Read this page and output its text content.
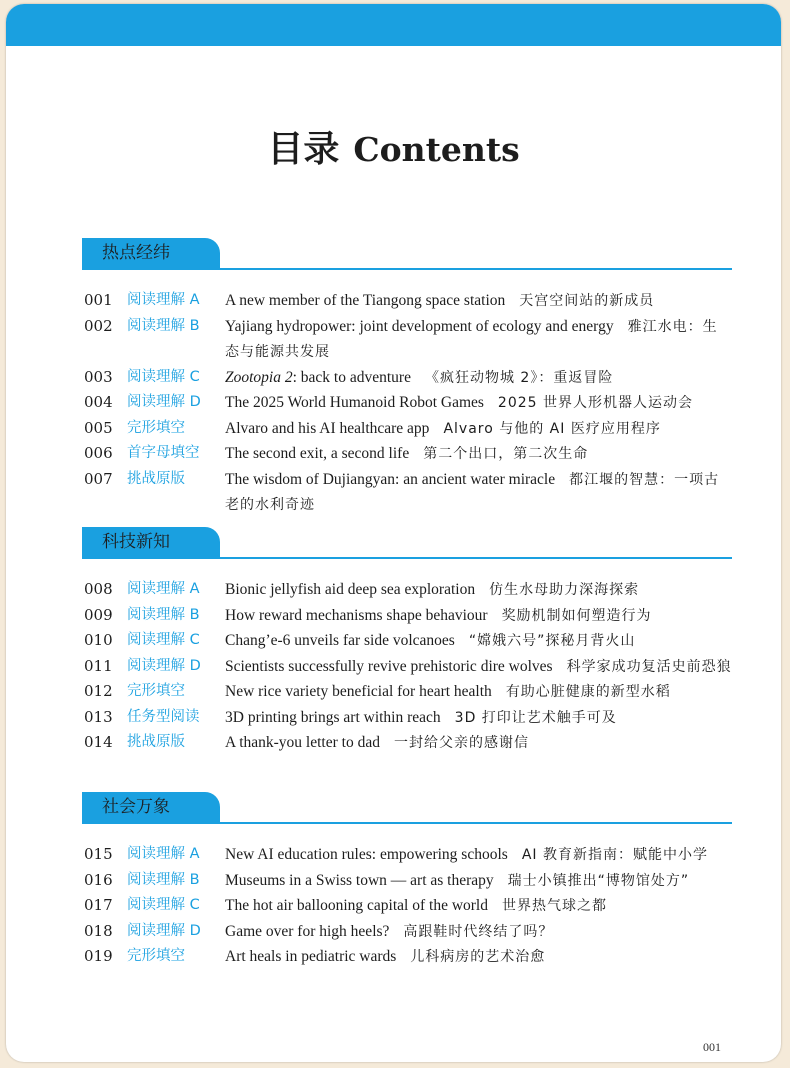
目录 Contents
热点经纬
001 阅读理解 A	A new member of the Tiangong space station 天宫空间站的新成员
002 阅读理解 B	Yajiang hydropower: joint development of ecology and energy 雅江水电：生态与能源共发展
003 阅读理解 C	Zootopia 2: back to adventure 《疯狂动物城 2》：重返冒险
004 阅读理解 D	The 2025 World Humanoid Robot Games 2025 世界人形机器人运动会
005 完形填空	Alvaro and his AI healthcare app Alvaro 与他的 AI 医疗应用程序
006 首字母填空	The second exit, a second life 第二个出口，第二次生命
007 挑战原版	The wisdom of Dujiangyan: an ancient water miracle 都江堰的智慧：一项古老的水利奇迹
科技新知
008 阅读理解 A	Bionic jellyfish aid deep sea exploration 仿生水母助力深海探索
009 阅读理解 B	How reward mechanisms shape behaviour 奖励机制如何塑造行为
010 阅读理解 C	Chang’e-6 unveils far side volcanoes “嫦娥六号”探秘月背火山
011 阅读理解 D	Scientists successfully revive prehistoric dire wolves 科学家成功复活史前恐狼
012 完形填空	New rice variety beneficial for heart health 有助心脏健康的新型水稻
013 任务型阅读	3D printing brings art within reach 3D 打印让艺术触手可及
014 挑战原版	A thank-you letter to dad 一封给父亲的感谢信
社会万象
015 阅读理解 A	New AI education rules: empowering schools AI 教育新指南：赋能中小学
016 阅读理解 B	Museums in a Swiss town — art as therapy 瑞士小镇推出“博物馆处方”
017 阅读理解 C	The hot air ballooning capital of the world 世界热气球之都
018 阅读理解 D	Game over for high heels? 高跟鞋时代终结了吗？
019 完形填空	Art heals in pediatric wards 儿科病房的艺术治愈
001
